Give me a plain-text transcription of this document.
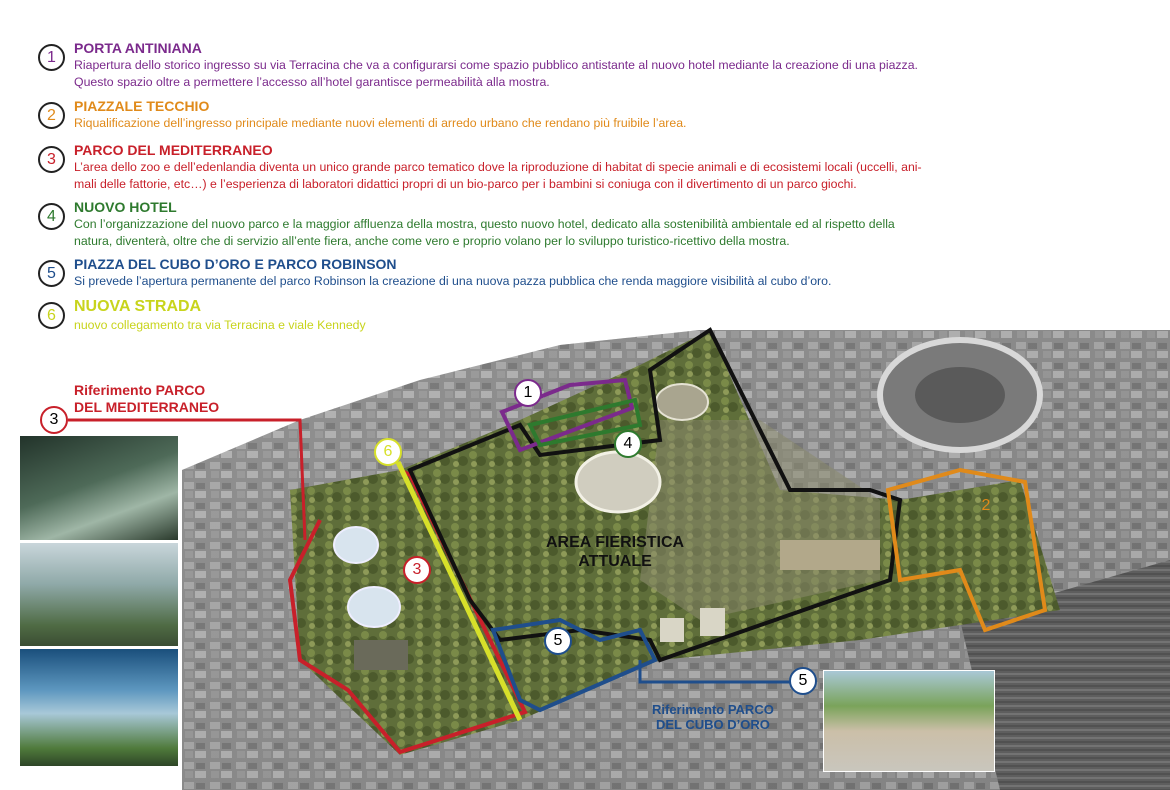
1
PORTA ANTINIANA
Riapertura dello storico ingresso su via Terracina che va a configurarsi come spazio pubblico antistante al nuovo hotel mediante la creazione di una piazza.
Questo spazio oltre a permettere l’accesso all’hotel garantisce permeabilità alla mostra.
2
PIAZZALE TECCHIO
Riqualificazione dell’ingresso principale mediante nuovi elementi di arredo urbano che rendano più fruibile l’area.
3
PARCO DEL MEDITERRANEO
L’area dello zoo e dell’edenlandia diventa un unico grande parco tematico dove la riproduzione di habitat di specie animali e di ecosistemi locali (uccelli, ani-
mali delle fattorie, etc…) e l’esperienza di laboratori didattici propri di un bio-parco per i bambini si coniuga con il divertimento di un parco giochi.
4
NUOVO HOTEL
Con l’organizzazione del nuovo parco e la maggior affluenza della mostra, questo nuovo hotel, dedicato alla sostenibilità ambientale ed al rispetto della
natura, diventerà, oltre che di servizio all’ente fiera, anche come vero e proprio volano per lo sviluppo turistico-ricettivo della mostra.
5
PIAZZA DEL CUBO D’ORO E PARCO ROBINSON
Si prevede l’apertura permanente del parco Robinson la creazione di una nuova pazza pubblica che renda maggiore visibilità al cubo d’oro.
6
NUOVA STRADA
nuovo collegamento tra via Terracina e viale Kennedy
Riferimento PARCO
DEL MEDITERRANEO
Riferimento PARCO
DEL CUBO D’ORO
AREA FIERISTICA
ATTUALE
1
2
3
3
4
5
5
6
